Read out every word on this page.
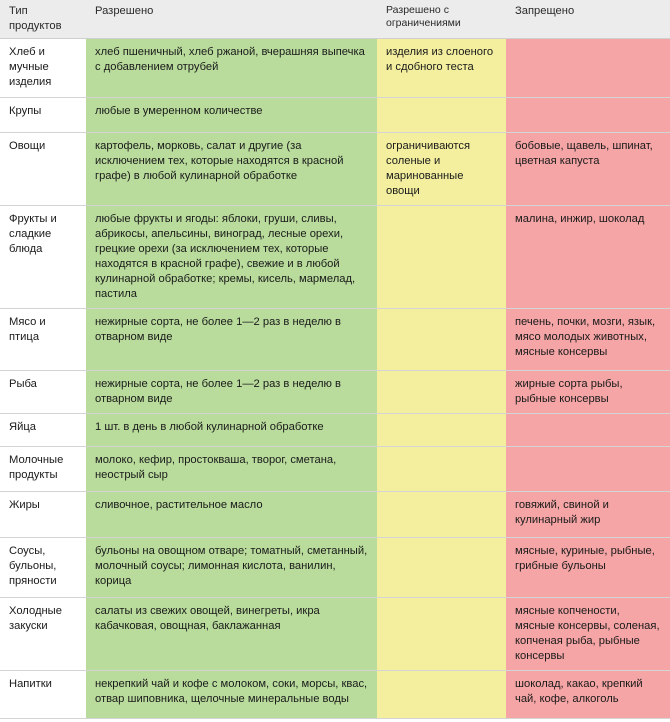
Тип продуктов	Разрешено	Разрешено с ограничениями	Запрещено
Хлеб и мучные изделия	хлеб пшеничный, хлеб ржаной, вчерашняя выпечка с добавлением отрубей	изделия из слоеного и сдобного теста	
Крупы	любые в умеренном количестве		
Овощи	картофель, морковь, салат и другие (за исключением тех, которые находятся в красной графе) в любой кулинарной обработке	ограничиваются соленые и маринованные овощи	бобовые, щавель, шпинат, цветная капуста
Фрукты и сладкие блюда	любые фрукты и ягоды: яблоки, груши, сливы, абрикосы, апельсины, виноград, лесные орехи, грецкие орехи (за исключением тех, которые находятся в красной графе), свежие и в любой кулинарной обработке; кремы, кисель, мармелад, пастила		малина, инжир, шоколад
Мясо и птица	нежирные сорта, не более 1—2 раз в неделю в отварном виде		печень, почки, мозги, язык, мясо молодых животных, мясные консервы
Рыба	нежирные сорта, не более 1—2 раз в неделю в отварном виде		жирные сорта рыбы, рыбные консервы
Яйца	1 шт. в день в любой кулинарной обработке		
Молочные продукты	молоко, кефир, простокваша, творог, сметана, неострый сыр		
Жиры	сливочное, растительное масло		говяжий, свиной и кулинарный жир
Соусы, бульоны, пряности	бульоны на овощном отваре; томатный, сметанный, молочный соусы; лимонная кислота, ванилин, корица		мясные, куриные, рыбные, грибные бульоны
Холодные закуски	салаты из свежих овощей, винегреты, икра кабачковая, овощная, баклажанная		мясные копчености, мясные консервы, соленая, копченая рыба, рыбные консервы
Напитки	некрепкий чай и кофе с молоком, соки, морсы, квас, отвар шиповника, щелочные минеральные воды		шоколад, какао, крепкий чай, кофе, алкоголь
